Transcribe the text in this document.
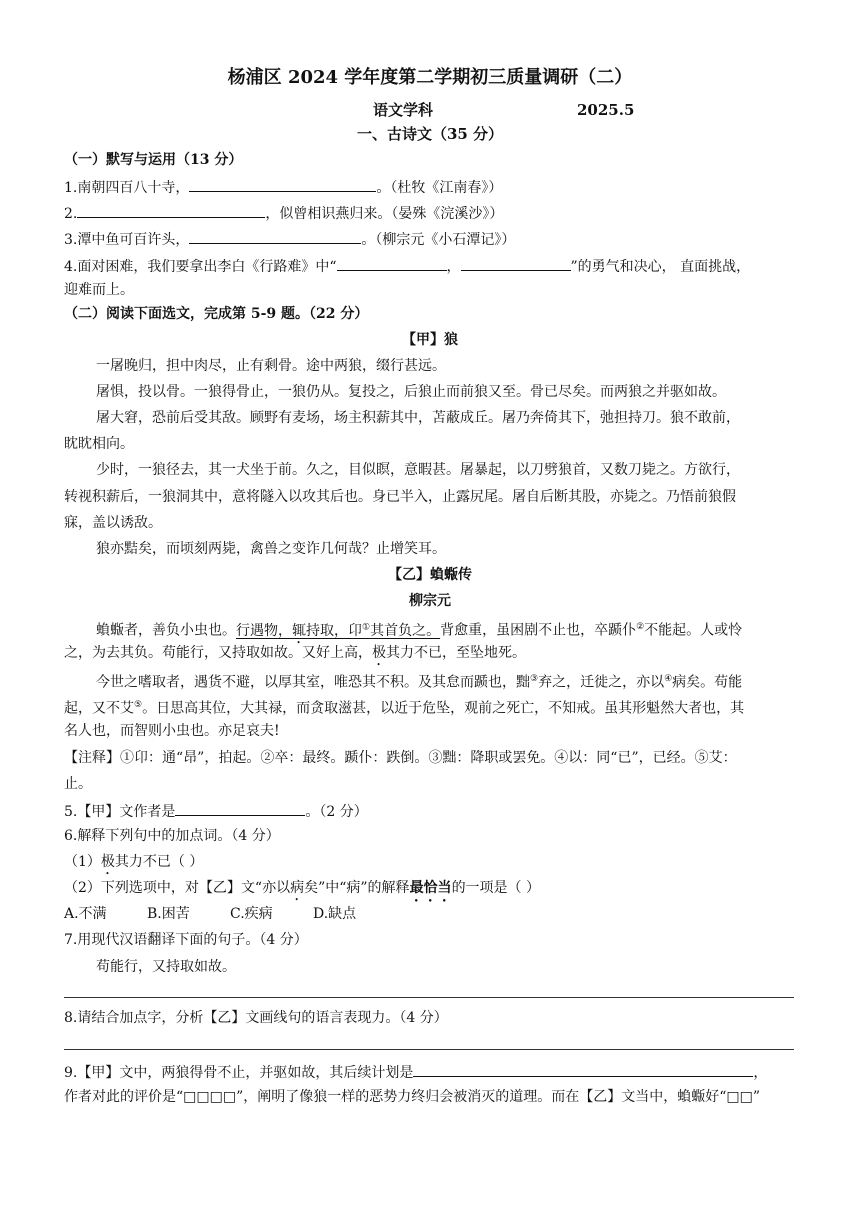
杨浦区 2024 学年度第二学期初三质量调研（二）
语文学科	2025.5
一、古诗文（35 分）
（一）默写与运用（13 分）
1.南朝四百八十寺，	。（杜牧《江南春》）
2.	，似曾相识燕归来。（晏殊《浣溪沙》）
3.潭中鱼可百许头，	。（柳宗元《小石潭记》）
4.面对困难，我们要拿出李白《行路难》中“	，	”的勇气和决心， 直面挑战，
迎难而上。
（二）阅读下面选文，完成第 5-9 题。（22 分）
【甲】狼
一屠晚归，担中肉尽，止有剩骨。途中两狼，缀行甚远。
屠惧，投以骨。一狼得骨止，一狼仍从。复投之，后狼止而前狼又至。骨已尽矣。而两狼之并驱如故。
屠大窘，恐前后受其敌。顾野有麦场，场主积薪其中，苫蔽成丘。屠乃奔倚其下，弛担持刀。狼不敢前，
眈眈相向。
少时，一狼径去，其一犬坐于前。久之，目似瞑，意暇甚。屠暴起，以刀劈狼首，又数刀毙之。方欲行，
转视积薪后，一狼洞其中，意将隧入以攻其后也。身已半入，止露尻尾。屠自后断其股，亦毙之。乃悟前狼假
寐，盖以诱敌。
狼亦黠矣，而顷刻两毙，禽兽之变诈几何哉？止增笑耳。
【乙】蝜蝂传
柳宗元
蝜蝂者，善负小虫也。行遇物，辄持取，卬①其首负之。背愈重，虽困剧不止也，卒踬仆②不能起。人或怜
之，为去其负。苟能行，又持取如故。又好上高，极其力不已，至坠地死。
今世之嗜取者，遇货不避，以厚其室，唯恐其不积。及其怠而踬也，黜③弃之，迁徙之，亦以④病矣。苟能
起，又不艾⑤。日思高其位，大其禄，而贪取滋甚，以近于危坠，观前之死亡，不知戒。虽其形魁然大者也，其
名人也，而智则小虫也。亦足哀夫!
【注释】①卬：通“昂”，拍起。②卒：最终。踬仆：跌倒。③黜：降职或罢免。④以：同“已”，已经。⑤艾：
止。
5.【甲】文作者是	。（2 分）
6.解释下列句中的加点词。（4 分）
（1）极其力不已（ ）
（2）下列选项中，对【乙】文“亦以病矣”中“病”的解释最恰当的一项是（ ）
A.不满	B.困苦	C.疾病	D.缺点
7.用现代汉语翻译下面的句子。（4 分）
苟能行，又持取如故。
8.请结合加点字，分析【乙】文画线句的语言表现力。（4 分）
9.【甲】文中，两狼得骨不止，并驱如故，其后续计划是	，
作者对此的评价是“□□□□”，阐明了像狼一样的恶势力终归会被消灭的道理。而在【乙】文当中，蝜蝂好“□□”
